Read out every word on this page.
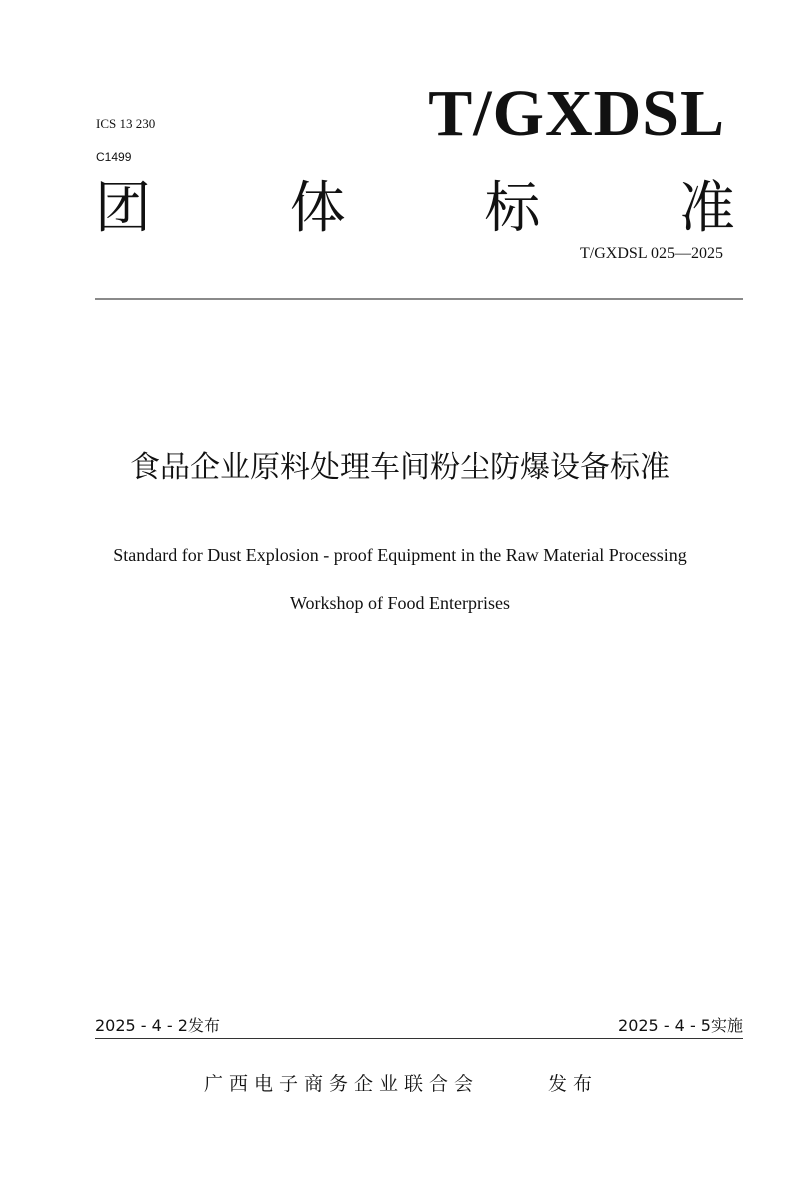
ICS 13 230
C1499
T/GXDSL
团 体 标 准
T/GXDSL 025—2025
食品企业原料处理车间粉尘防爆设备标准
Standard for Dust Explosion - proof Equipment in the Raw Material Processing
Workshop of Food Enterprises
2025 - 4 - 2发布	2025 - 4 - 5实施
广西电子商务企业联合会	发布
